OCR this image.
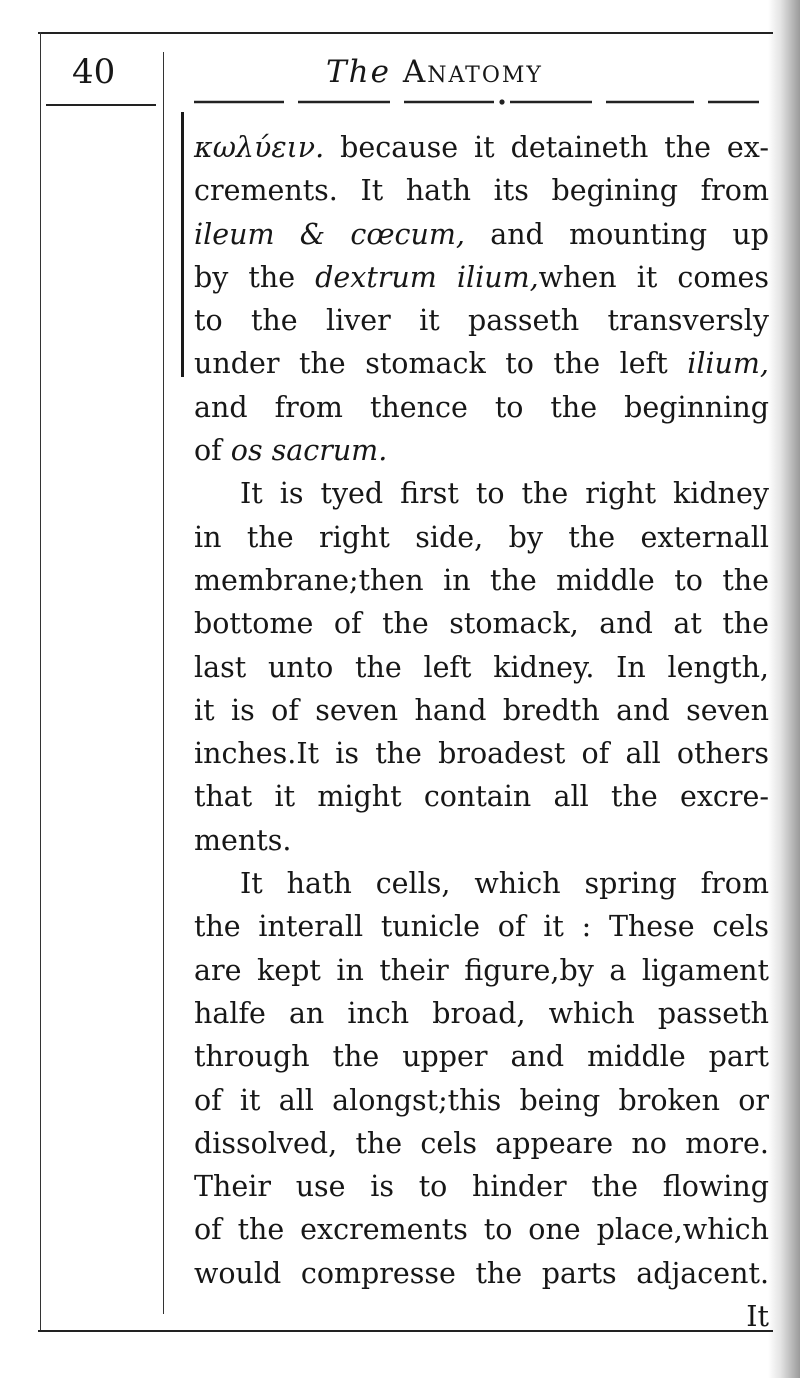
40	The Anatomy
κωλύειν. because it detaineth the ex-
crements. It hath its begining from
ileum & cœcum, and mounting up
by the dextrum ilium,when it comes
to the liver it passeth transversly
under the stomack to the left ilium,
and from thence to the beginning
of os sacrum.
It is tyed first to the right kidney
in the right side, by the externall
membrane;then in the middle to the
bottome of the stomack, and at the
last unto the left kidney. In length,
it is of seven hand bredth and seven
inches.It is the broadest of all others
that it might contain all the excre-
ments.
It hath cells, which spring from
the interall tunicle of it : These cels
are kept in their figure,by a ligament
halfe an inch broad, which passeth
through the upper and middle part
of it all alongst;this being broken or
dissolved, the cels appeare no more.
Their use is to hinder the flowing
of the excrements to one place,which
would compresse the parts adjacent.
It
